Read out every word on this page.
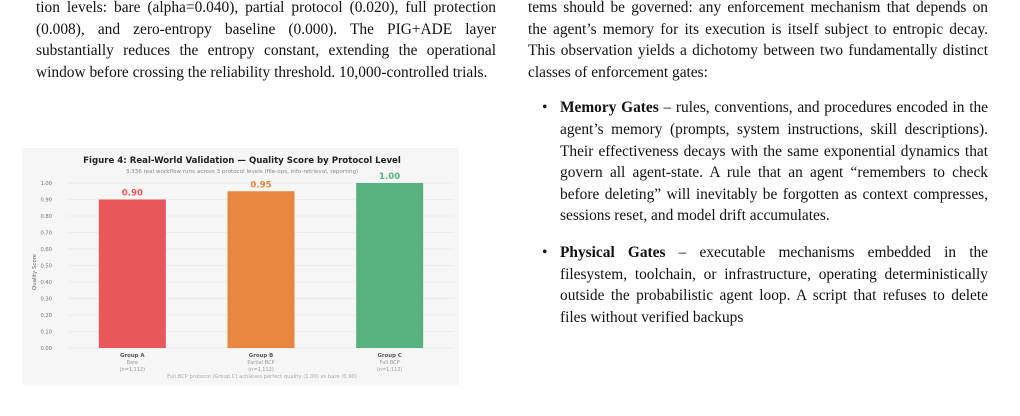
tion levels: bare (alpha=0.040), partial protocol (0.020), full protection (0.008), and zero-entropy baseline (0.000). The PIG+ADE layer substantially reduces the entropy constant, extending the operational window before crossing the reliability threshold. 10,000-controlled trials.

Figure 4: Real-World Validation — Quality Score by Protocol Level
3,336 real workflow runs across 3 protocol levels (file-ops, info-retrieval, reporting)
Quality Score
0.00
0.10
0.20
0.30
0.40
0.50
0.60
0.70
0.80
0.90
1.00
0.90
Group A
Bare
(n=1,112)
0.95
Group B
Partial BCP
(n=1,112)
1.00
Group C
Full BCP
(n=1,112)
Full BCP protocol (Group C) achieves perfect quality (1.00) vs bare (0.90)

tems should be governed: any enforcement mechanism that depends on the agent’s memory for its execution is itself subject to entropic decay. This observation yields a dichotomy between two fundamentally distinct classes of enforcement gates:

• Memory Gates – rules, conventions, and procedures encoded in the agent’s memory (prompts, system instructions, skill descriptions). Their effectiveness decays with the same exponential dynamics that govern all agent-state. A rule that an agent “remembers to check before deleting” will inevitably be forgotten as context compresses, sessions reset, and model drift accumulates.
• Physical Gates – executable mechanisms embedded in the filesystem, toolchain, or infrastructure, operating deterministically outside the probabilistic agent loop. A script that refuses to delete files without verified backups
